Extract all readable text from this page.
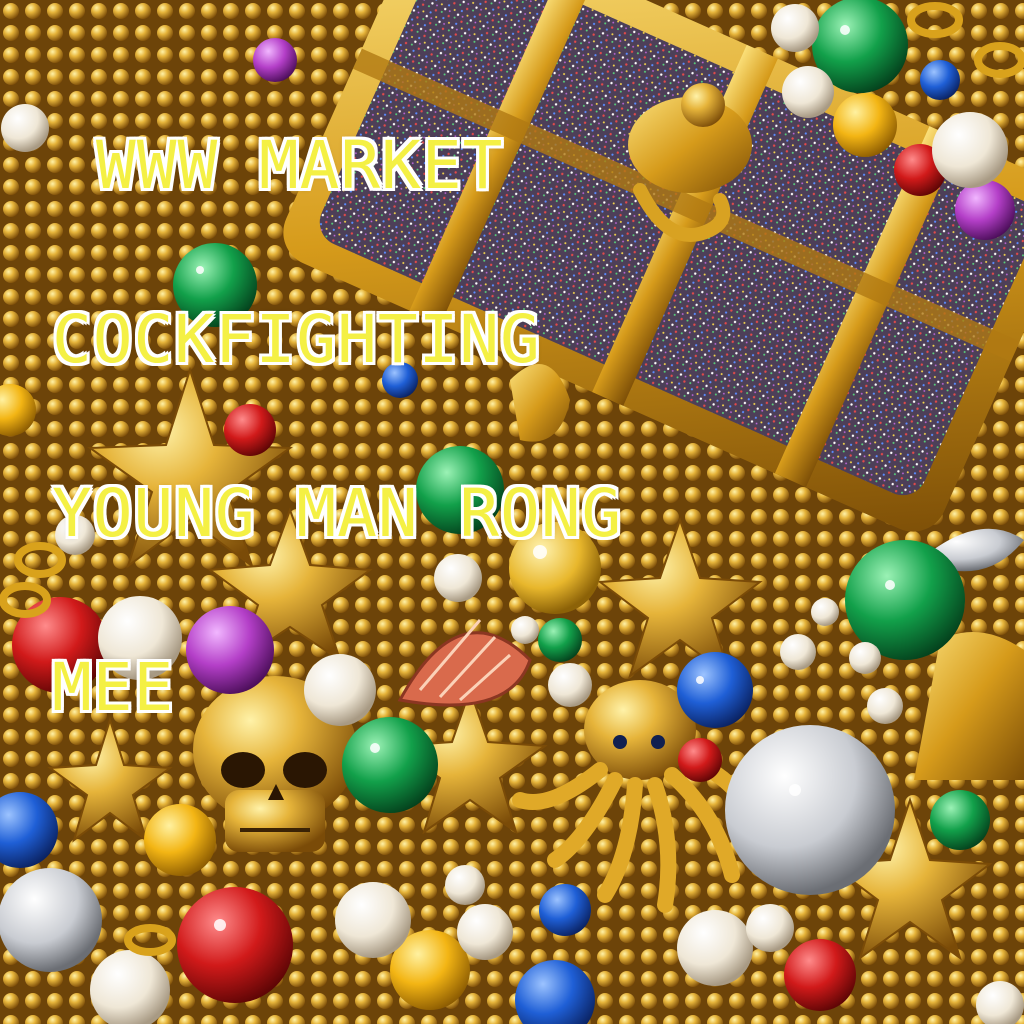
WWW MARKET

COCKFIGHTING

YOUNG MAN RONG

MEE
